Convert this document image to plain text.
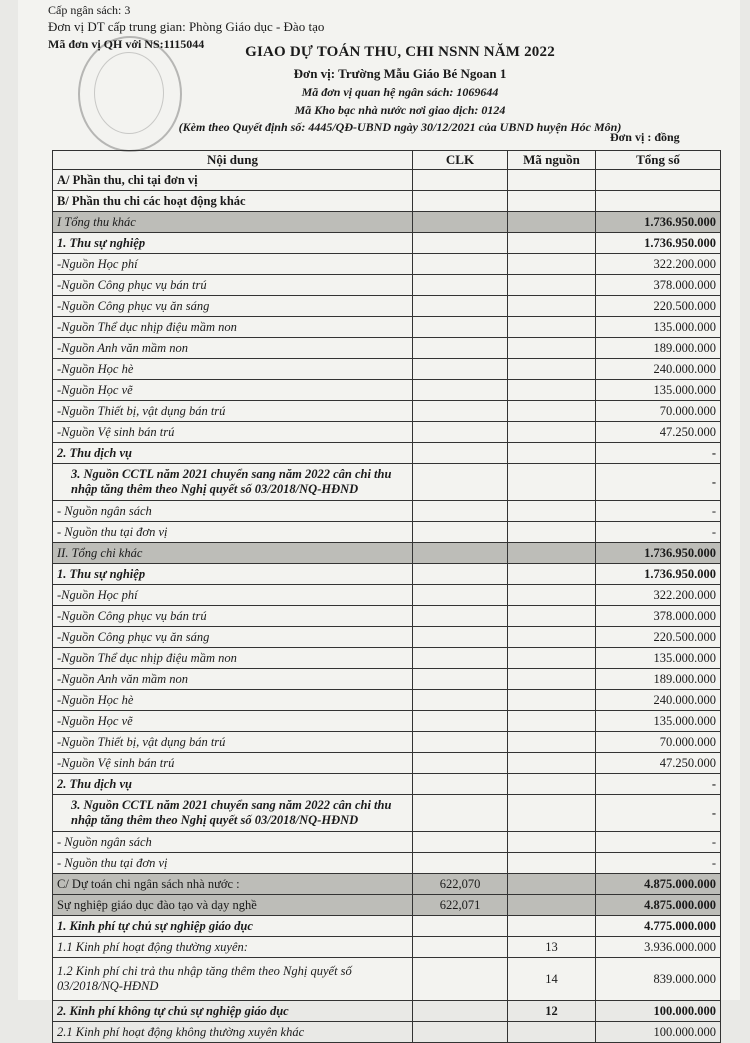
Cấp ngân sách: 3
Đơn vị DT cấp trung gian: Phòng Giáo dục - Đào tạo
Mã đơn vị QH với NS:1115044	GIAO DỰ TOÁN THU, CHI NSNN NĂM 2022
Đơn vị: Trường Mẫu Giáo Bé Ngoan 1
Mã đơn vị quan hệ ngân sách: 1069644
Mã Kho bạc nhà nước nơi giao dịch: 0124
(Kèm theo Quyết định số: 4445/QĐ-UBND ngày 30/12/2021 của UBND huyện Hóc Môn)
Đơn vị : đồng
Nội dung	CLK	Mã nguồn	Tổng số
A/ Phần thu, chi tại đơn vị			
B/ Phần thu chi các hoạt động khác			
I Tổng thu khác			1.736.950.000
1. Thu sự nghiệp			1.736.950.000
-Nguồn Học phí			322.200.000
-Nguồn Công phục vụ bán trú			378.000.000
-Nguồn Công phục vụ ăn sáng			220.500.000
-Nguồn Thể dục nhịp điệu mầm non			135.000.000
-Nguồn Anh văn mầm non			189.000.000
-Nguồn Học hè			240.000.000
-Nguồn Học vẽ			135.000.000
-Nguồn Thiết bị, vật dụng bán trú			70.000.000
-Nguồn Vệ sinh bán trú			47.250.000
2. Thu dịch vụ			-
3. Nguồn CCTL năm 2021 chuyển sang năm 2022 cân chi thu nhập tăng thêm theo Nghị quyết số 03/2018/NQ-HĐND			-
- Nguồn ngân sách			-
- Nguồn thu tại đơn vị			-
II. Tổng chi khác			1.736.950.000
1. Thu sự nghiệp			1.736.950.000
-Nguồn Học phí			322.200.000
-Nguồn Công phục vụ bán trú			378.000.000
-Nguồn Công phục vụ ăn sáng			220.500.000
-Nguồn Thể dục nhịp điệu mầm non			135.000.000
-Nguồn Anh văn mầm non			189.000.000
-Nguồn Học hè			240.000.000
-Nguồn Học vẽ			135.000.000
-Nguồn Thiết bị, vật dụng bán trú			70.000.000
-Nguồn Vệ sinh bán trú			47.250.000
2. Thu dịch vụ			-
3. Nguồn CCTL năm 2021 chuyển sang năm 2022 cân chi thu nhập tăng thêm theo Nghị quyết số 03/2018/NQ-HĐND			-
- Nguồn ngân sách			-
- Nguồn thu tại đơn vị			-
C/ Dự toán chi ngân sách nhà nước :	622,070		4.875.000.000
Sự nghiệp giáo dục đào tạo và dạy nghề	622,071		4.875.000.000
1. Kinh phí tự chủ sự nghiệp giáo dục			4.775.000.000
1.1 Kinh phí hoạt động thường xuyên:		13	3.936.000.000
1.2 Kinh phí chi trả thu nhập tăng thêm theo Nghị quyết số 03/2018/NQ-HĐND		14	839.000.000
2. Kinh phí không tự chủ sự nghiệp giáo dục		12	100.000.000
2.1 Kinh phí hoạt động không thường xuyên khác			100.000.000
